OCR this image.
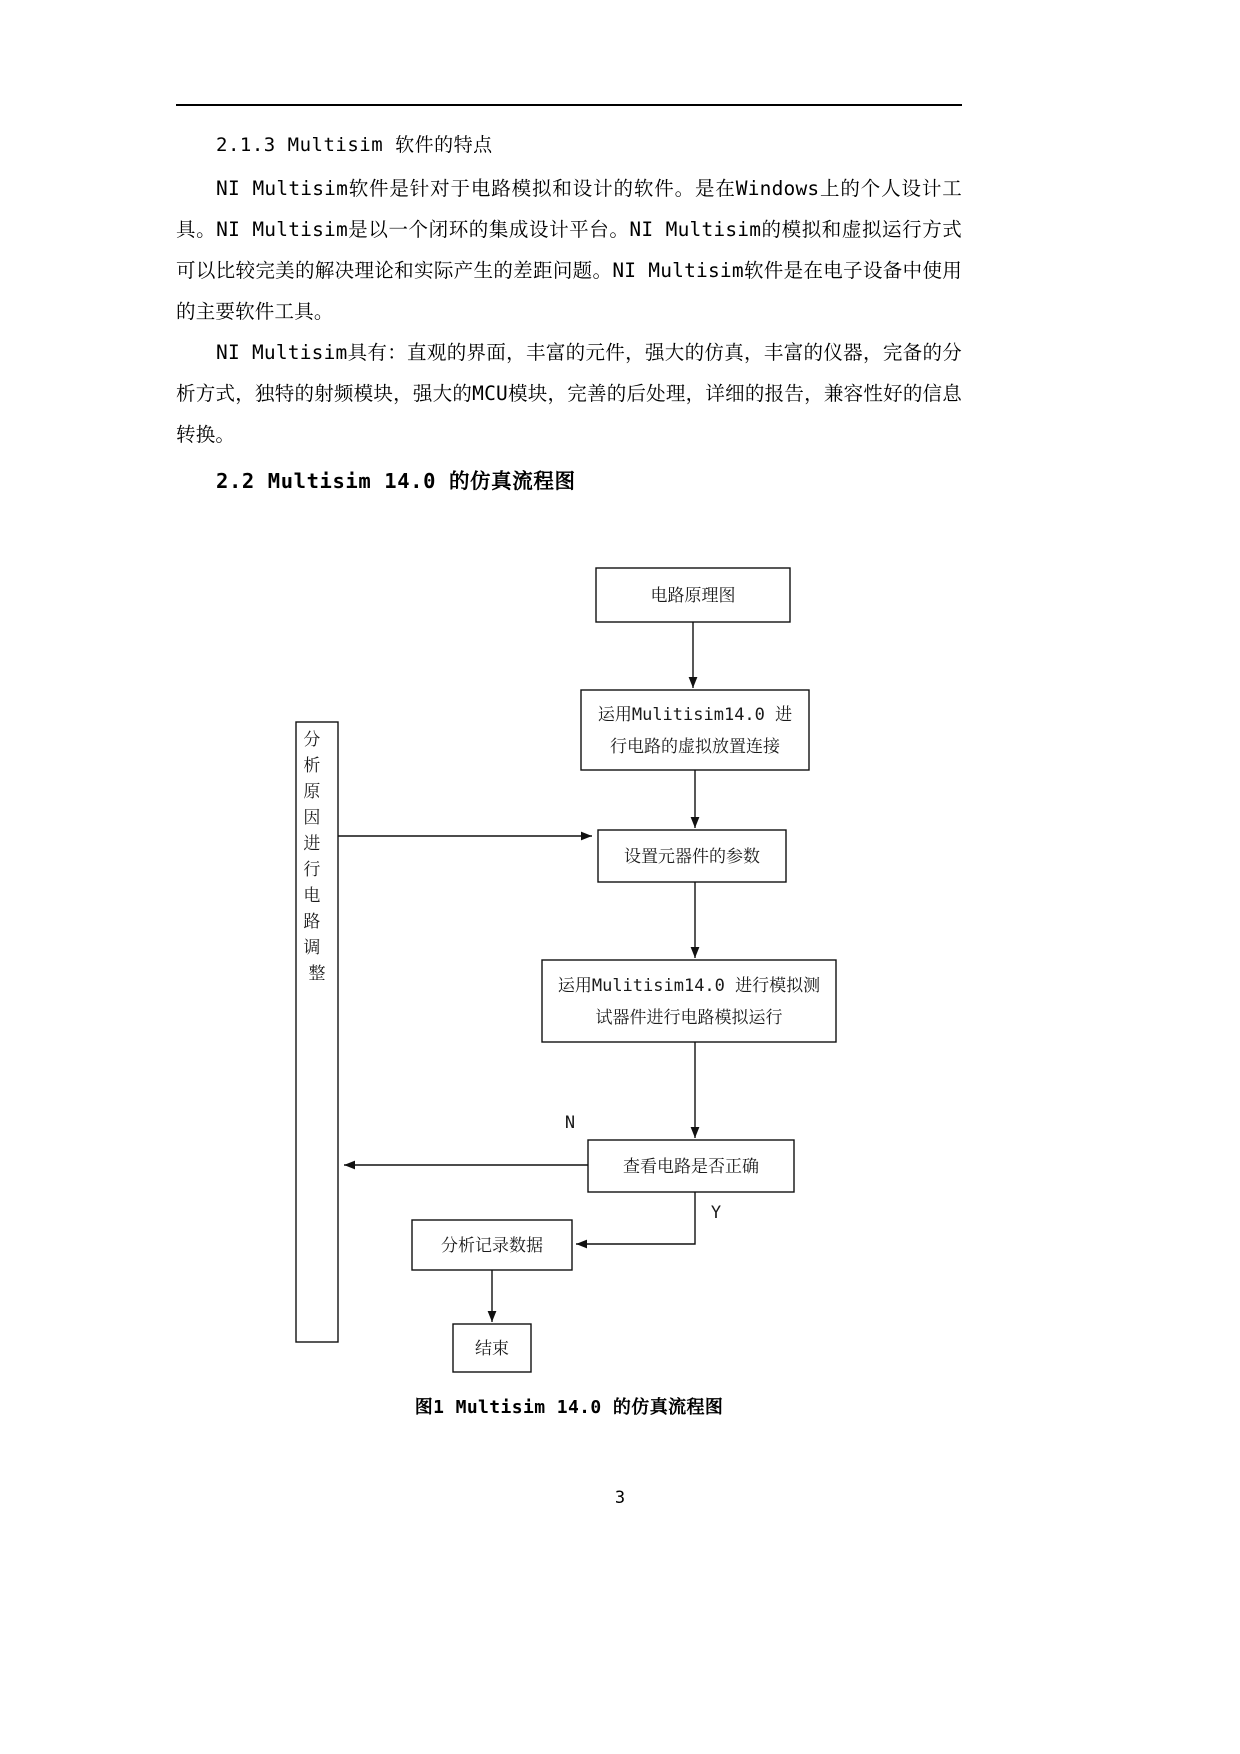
2.1.3 Multisim 软件的特点

NI Multisim软件是针对于电路模拟和设计的软件。是在Windows上的个人设计工具。NI Multisim是以一个闭环的集成设计平台。NI Multisim的模拟和虚拟运行方式可以比较完美的解决理论和实际产生的差距问题。NI Multisim软件是在电子设备中使用的主要软件工具。

NI Multisim具有：直观的界面，丰富的元件，强大的仿真，丰富的仪器，完备的分析方式，独特的射频模块，强大的MCU模块，完善的后处理，详细的报告，兼容性好的信息转换。

2.2 Multisim 14.0 的仿真流程图
分 析 原 因 进 行 电 路 调 整
电路原理图
运用Mulitisim14.0 进
行电路的虚拟放置连接
设置元器件的参数
运用Mulitisim14.0 进行模拟测
试器件进行电路模拟运行
查看电路是否正确
N
Y
分析记录数据
结束
图1 Multisim 14.0 的仿真流程图
3
